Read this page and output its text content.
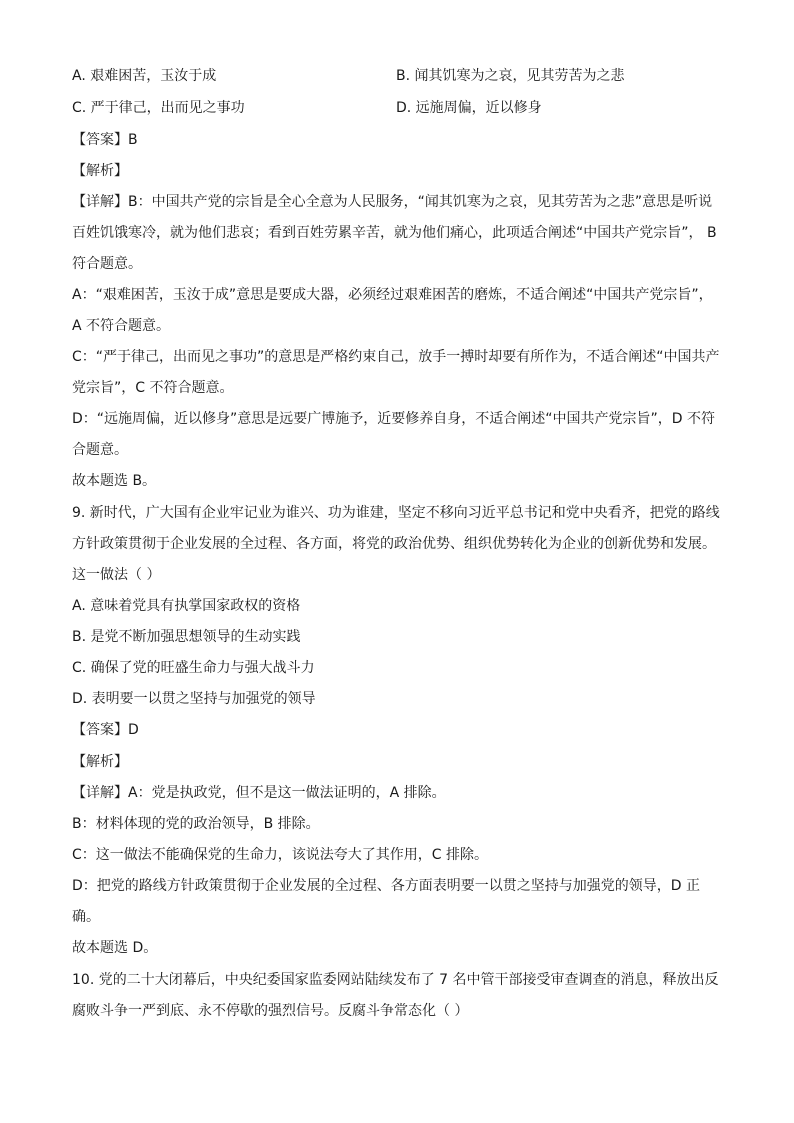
A. 艰难困苦，玉汝于成	B. 闻其饥寒为之哀，见其劳苦为之悲
C. 严于律己，出而见之事功	D. 远施周偏，近以修身
【答案】B
【解析】
【详解】B：中国共产党的宗旨是全心全意为人民服务，“闻其饥寒为之哀，见其劳苦为之悲”意思是听说
百姓饥饿寒冷，就为他们悲哀；看到百姓劳累辛苦，就为他们痛心，此项适合阐述“中国共产党宗旨”， B
符合题意。
A：“艰难困苦，玉汝于成”意思是要成大器，必须经过艰难困苦的磨炼，不适合阐述“中国共产党宗旨”，
A 不符合题意。
C：“严于律己，出而见之事功”的意思是严格约束自己，放手一搏时却要有所作为，不适合阐述“中国共产
党宗旨”，C 不符合题意。
D：“远施周偏，近以修身”意思是远要广博施予，近要修养自身，不适合阐述“中国共产党宗旨”，D 不符
合题意。
故本题选 B。
9. 新时代，广大国有企业牢记业为谁兴、功为谁建，坚定不移向习近平总书记和党中央看齐，把党的路线
方针政策贯彻于企业发展的全过程、各方面，将党的政治优势、组织优势转化为企业的创新优势和发展。
这一做法（ ）
A. 意味着党具有执掌国家政权的资格
B. 是党不断加强思想领导的生动实践
C. 确保了党的旺盛生命力与强大战斗力
D. 表明要一以贯之坚持与加强党的领导
【答案】D
【解析】
【详解】A：党是执政党，但不是这一做法证明的，A 排除。
B：材料体现的党的政治领导，B 排除。
C：这一做法不能确保党的生命力，该说法夸大了其作用，C 排除。
D：把党的路线方针政策贯彻于企业发展的全过程、各方面表明要一以贯之坚持与加强党的领导，D 正
确。
故本题选 D。
10. 党的二十大闭幕后，中央纪委国家监委网站陆续发布了 7 名中管干部接受审查调查的消息，释放出反
腐败斗争一严到底、永不停歇的强烈信号。反腐斗争常态化（ ）
